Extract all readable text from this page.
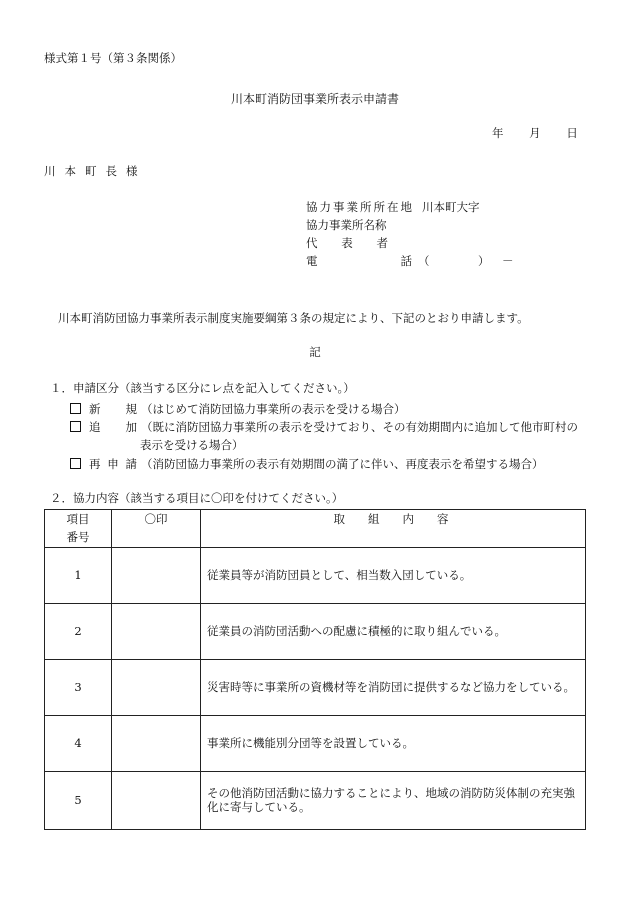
様式第１号（第３条関係）
川本町消防団事業所表示申請書
年 月 日
川本町長様
協力事業所所在地 川本町大字
協力事業所名称
代表者
電話 （	）	－
川本町消防団協力事業所表示制度実施要綱第３条の規定により、下記のとおり申請します。
記
１．申請区分（該当する区分にレ点を記入してください。）
新規 （はじめて消防団協力事業所の表示を受ける場合）
追加 （既に消防団協力事業所の表示を受けており、その有効期間内に追加して他市町村の
表示を受ける場合）
再申請 （消防団協力事業所の表示有効期間の満了に伴い、再度表示を希望する場合）
２．協力内容（該当する項目に〇印を付けてください。）
項目
番号	〇印	取　　組　　内　　容

1		従業員等が消防団員として、相当数入団している。
2		従業員の消防団活動への配慮に積極的に取り組んでいる。
3		災害時等に事業所の資機材等を消防団に提供するなど協力をしている。
4		事業所に機能別分団等を設置している。
5		その他消防団活動に協力することにより、地域の消防防災体制の充実強化に寄与している。
